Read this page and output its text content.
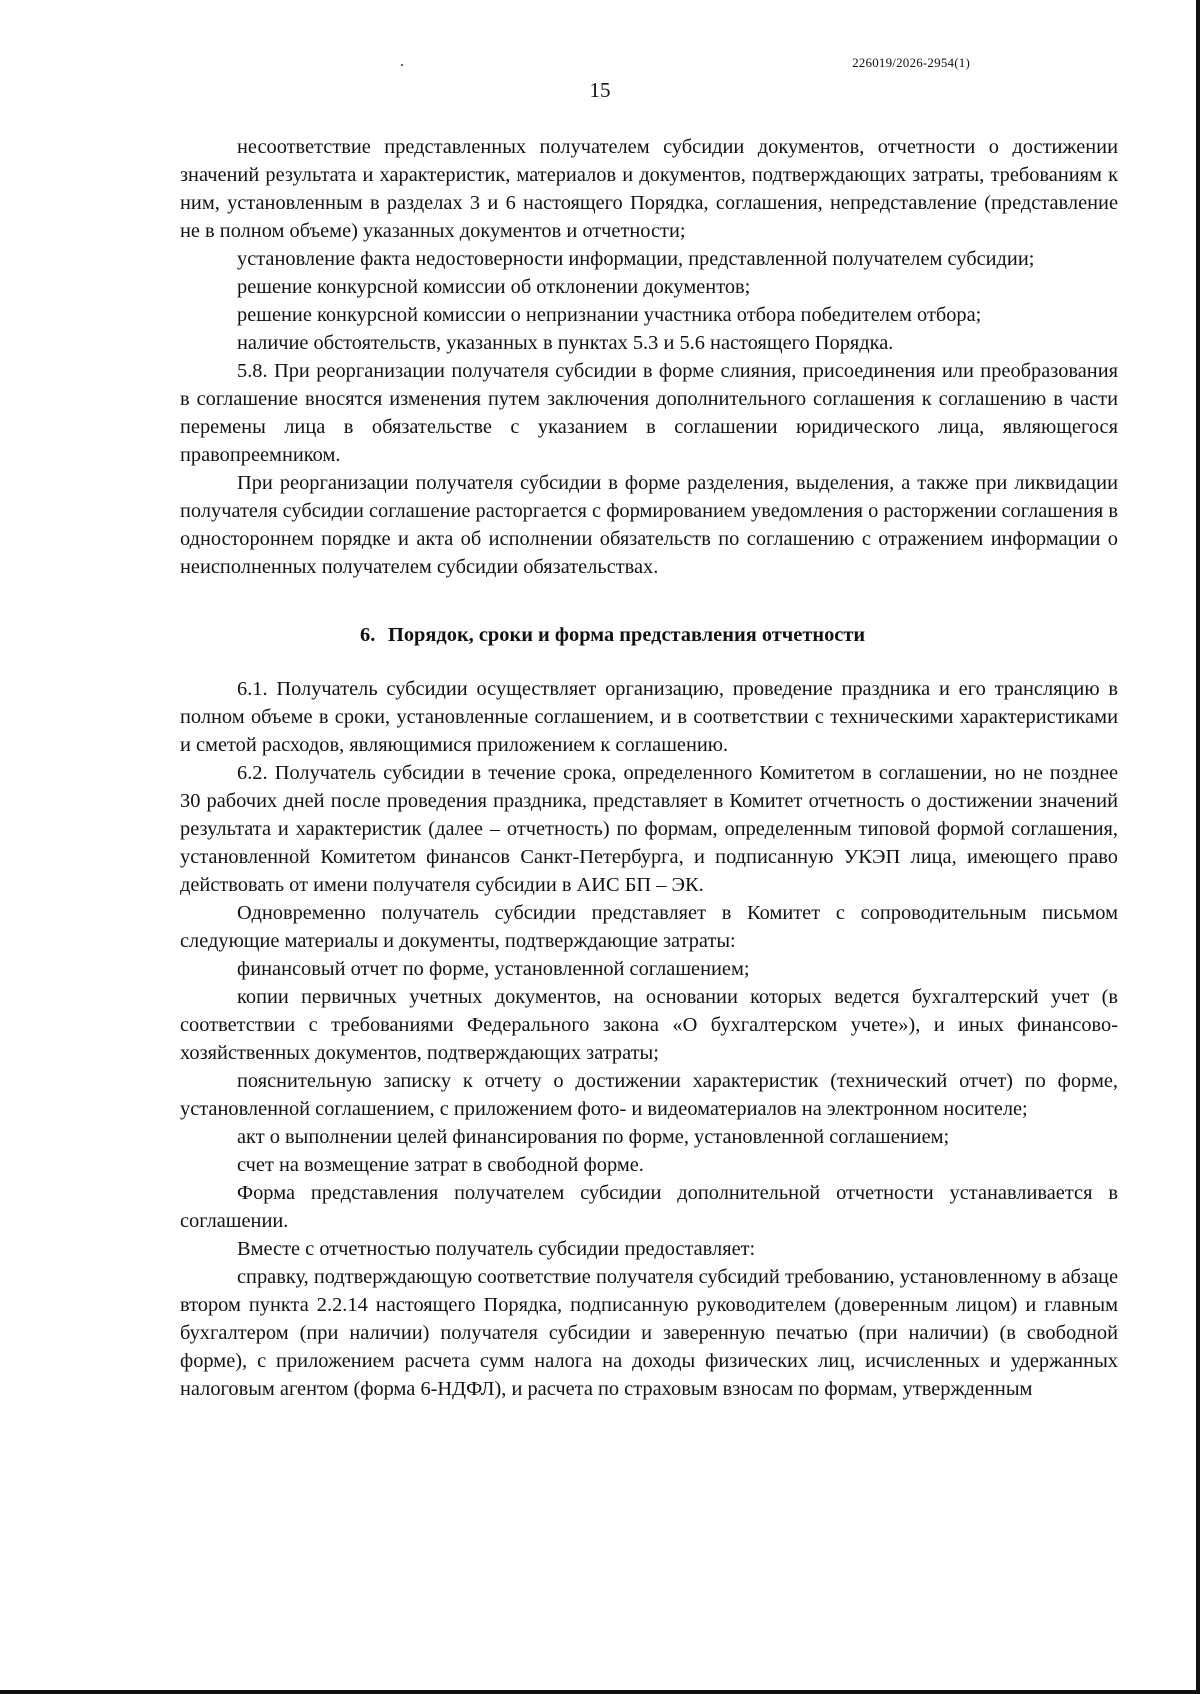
226019/2026-2954(1)
15

несоответствие представленных получателем субсидии документов, отчетности о достижении значений результата и характеристик, материалов и документов, подтверждающих затраты, требованиям к ним, установленным в разделах 3 и 6 настоящего Порядка, соглашения, непредставление (представление не в полном объеме) указанных документов и отчетности;

установление факта недостоверности информации, представленной получателем субсидии;

решение конкурсной комиссии об отклонении документов;

решение конкурсной комиссии о непризнании участника отбора победителем отбора;

наличие обстоятельств, указанных в пунктах 5.3 и 5.6 настоящего Порядка.

5.8. При реорганизации получателя субсидии в форме слияния, присоединения или преобразования в соглашение вносятся изменения путем заключения дополнительного соглашения к соглашению в части перемены лица в обязательстве с указанием в соглашении юридического лица, являющегося правопреемником.

При реорганизации получателя субсидии в форме разделения, выделения, а также при ликвидации получателя субсидии соглашение расторгается с формированием уведомления о расторжении соглашения в одностороннем порядке и акта об исполнении обязательств по соглашению с отражением информации о неисполненных получателем субсидии обязательствах.

6. Порядок, сроки и форма представления отчетности

6.1. Получатель субсидии осуществляет организацию, проведение праздника и его трансляцию в полном объеме в сроки, установленные соглашением, и в соответствии с техническими характеристиками и сметой расходов, являющимися приложением к соглашению.

6.2. Получатель субсидии в течение срока, определенного Комитетом в соглашении, но не позднее 30 рабочих дней после проведения праздника, представляет в Комитет отчетность о достижении значений результата и характеристик (далее – отчетность) по формам, определенным типовой формой соглашения, установленной Комитетом финансов Санкт-Петербурга, и подписанную УКЭП лица, имеющего право действовать от имени получателя субсидии в АИС БП – ЭК.

Одновременно получатель субсидии представляет в Комитет с сопроводительным письмом следующие материалы и документы, подтверждающие затраты:

финансовый отчет по форме, установленной соглашением;

копии первичных учетных документов, на основании которых ведется бухгалтерский учет (в соответствии с требованиями Федерального закона «О бухгалтерском учете»), и иных финансово-хозяйственных документов, подтверждающих затраты;

пояснительную записку к отчету о достижении характеристик (технический отчет) по форме, установленной соглашением, с приложением фото- и видеоматериалов на электронном носителе;

акт о выполнении целей финансирования по форме, установленной соглашением;

счет на возмещение затрат в свободной форме.

Форма представления получателем субсидии дополнительной отчетности устанавливается в соглашении.

Вместе с отчетностью получатель субсидии предоставляет:

справку, подтверждающую соответствие получателя субсидий требованию, установленному в абзаце втором пункта 2.2.14 настоящего Порядка, подписанную руководителем (доверенным лицом) и главным бухгалтером (при наличии) получателя субсидии и заверенную печатью (при наличии) (в свободной форме), с приложением расчета сумм налога на доходы физических лиц, исчисленных и удержанных налоговым агентом (форма 6-НДФЛ), и расчета по страховым взносам по формам, утвержденным
